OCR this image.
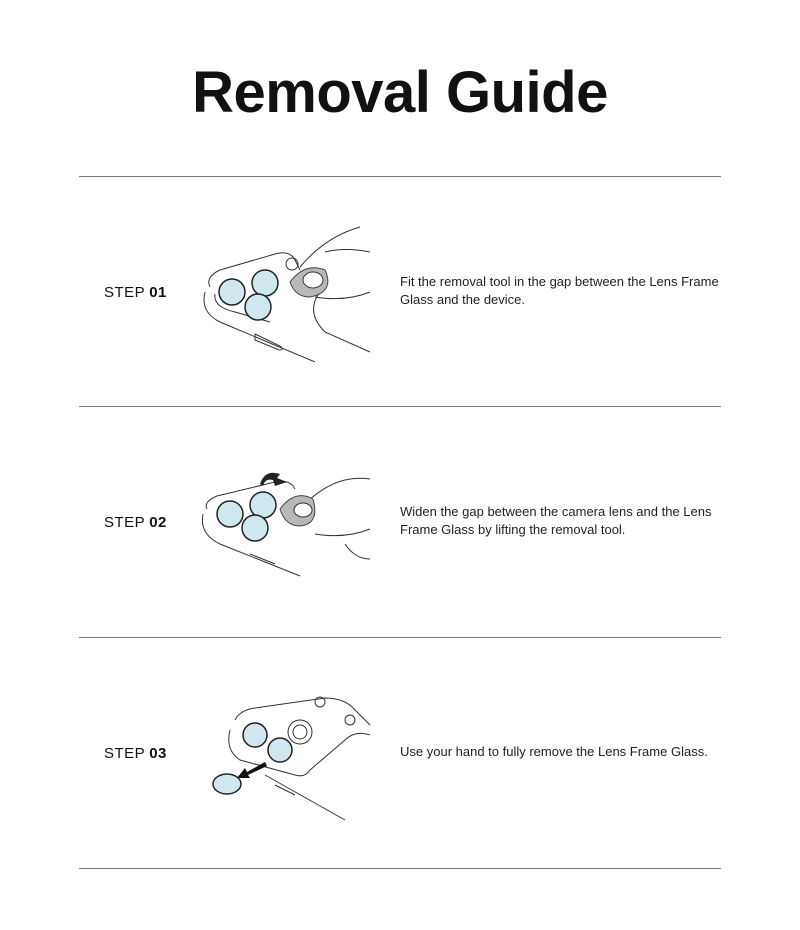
Removal Guide
STEP 01
Fit the removal tool in the gap between the Lens Frame Glass and the device.
STEP 02
Widen the gap between the camera lens and the Lens Frame Glass by lifting the removal tool.
STEP 03	Use your hand to fully remove the Lens Frame Glass.
